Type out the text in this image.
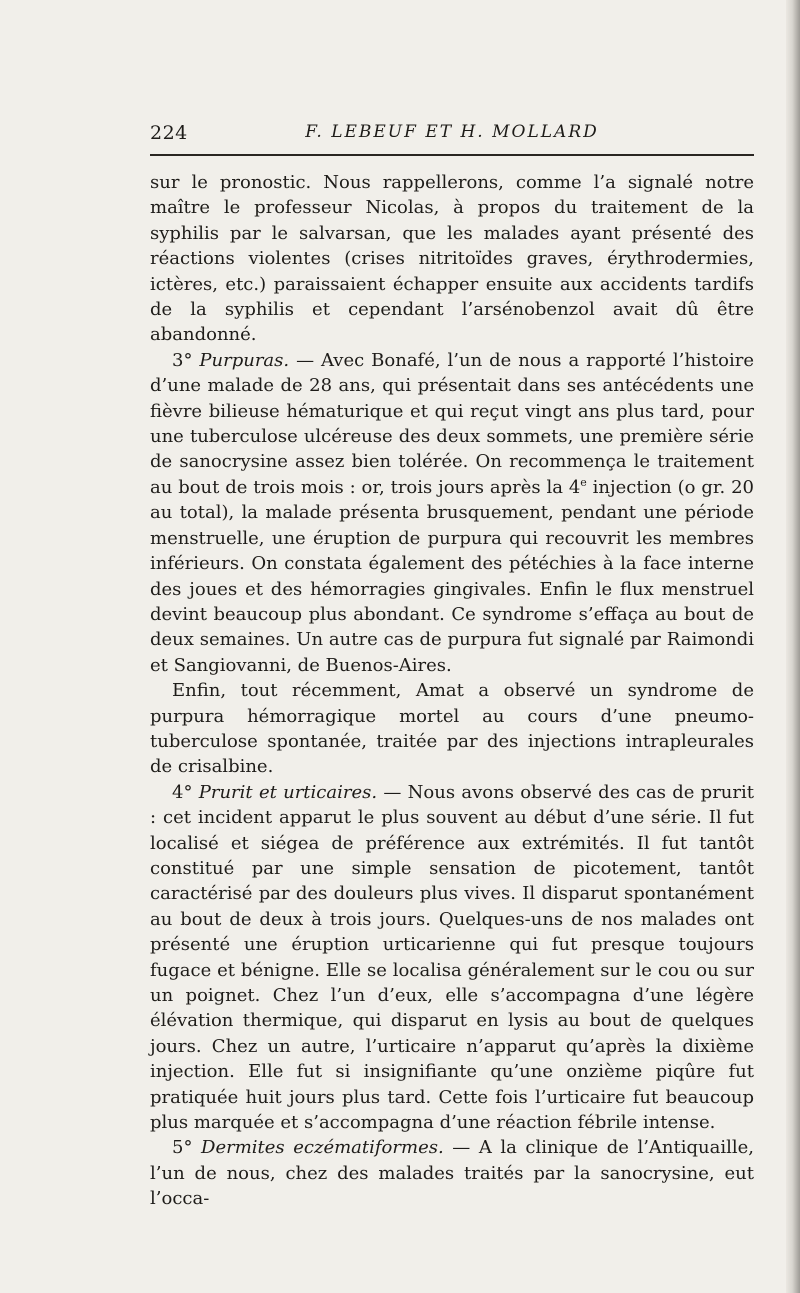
224	F. LEBEUF ET H. MOLLARD

sur le pronostic. Nous rappellerons, comme l’a signalé notre maître le professeur Nicolas, à propos du traitement de la syphilis par le salvarsan, que les malades ayant présenté des réactions violentes (crises nitritoïdes graves, érythrodermies, ictères, etc.) paraissaient échapper ensuite aux accidents tardifs de la syphilis et cependant l’arsénobenzol avait dû être abandonné.

3° Purpuras. — Avec Bonafé, l’un de nous a rapporté l’histoire d’une malade de 28 ans, qui présentait dans ses antécédents une fièvre bilieuse hématurique et qui reçut vingt ans plus tard, pour une tuberculose ulcéreuse des deux sommets, une première série de sanocrysine assez bien tolérée. On recommença le traitement au bout de trois mois : or, trois jours après la 4e injection (o gr. 20 au total), la malade présenta brusquement, pendant une période menstruelle, une éruption de purpura qui recouvrit les membres inférieurs. On constata également des pétéchies à la face interne des joues et des hémorragies gingivales. Enfin le flux menstruel devint beaucoup plus abondant. Ce syndrome s’effaça au bout de deux semaines. Un autre cas de purpura fut signalé par Raimondi et Sangiovanni, de Buenos-Aires.

Enfin, tout récemment, Amat a observé un syndrome de purpura hémorragique mortel au cours d’une pneumo-tuberculose spontanée, traitée par des injections intrapleurales de crisalbine.

4° Prurit et urticaires. — Nous avons observé des cas de prurit : cet incident apparut le plus souvent au début d’une série. Il fut localisé et siégea de préférence aux extrémités. Il fut tantôt constitué par une simple sensation de picotement, tantôt caractérisé par des douleurs plus vives. Il disparut spontanément au bout de deux à trois jours. Quelques-uns de nos malades ont présenté une éruption urticarienne qui fut presque toujours fugace et bénigne. Elle se localisa généralement sur le cou ou sur un poignet. Chez l’un d’eux, elle s’accompagna d’une légère élévation thermique, qui disparut en lysis au bout de quelques jours. Chez un autre, l’urticaire n’apparut qu’après la dixième injection. Elle fut si insignifiante qu’une onzième piqûre fut pratiquée huit jours plus tard. Cette fois l’urticaire fut beaucoup plus marquée et s’accompagna d’une réaction fébrile intense.

5° Dermites eczématiformes. — A la clinique de l’Antiquaille, l’un de nous, chez des malades traités par la sanocrysine, eut l’occa-
